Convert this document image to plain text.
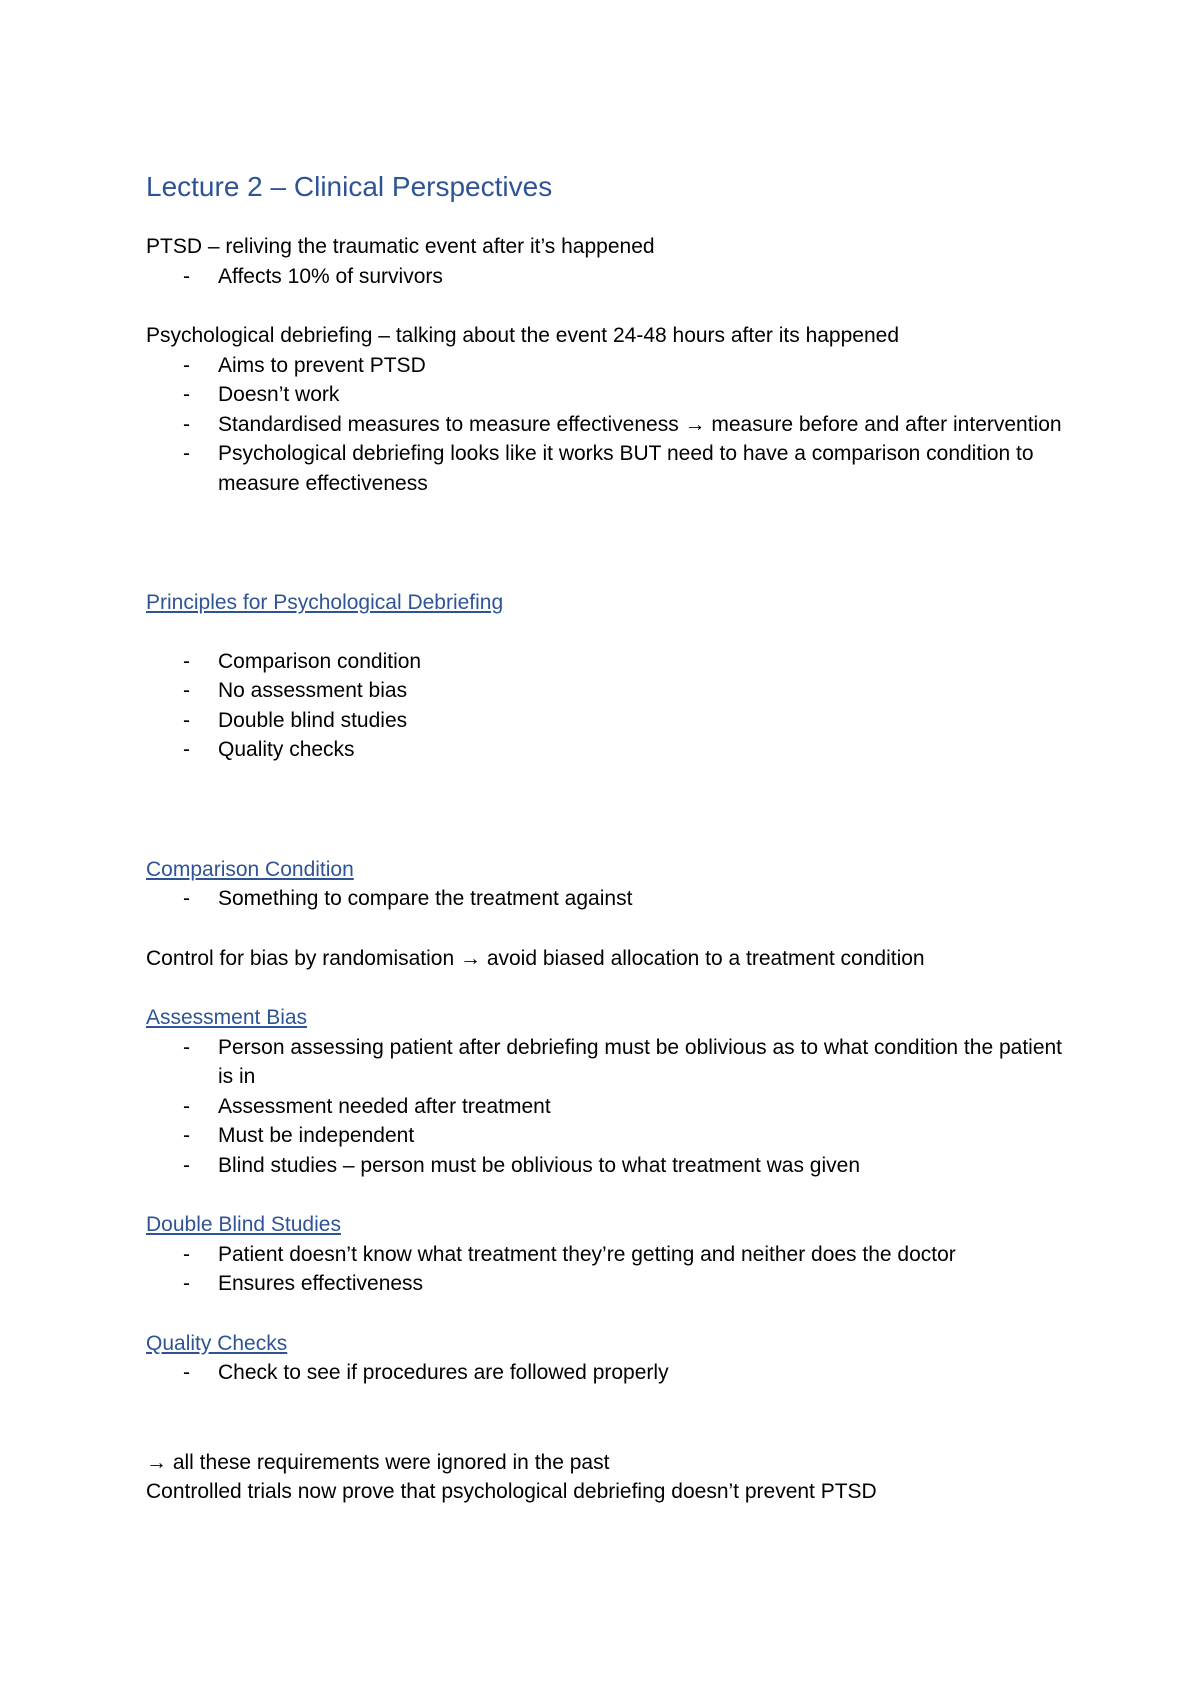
Lecture 2 – Clinical Perspectives

PTSD – reliving the traumatic event after it’s happened

- Affects 10% of survivors

Psychological debriefing – talking about the event 24-48 hours after its happened

- Aims to prevent PTSD
- Doesn’t work
- Standardised measures to measure effectiveness → measure before and after intervention
- Psychological debriefing looks like it works BUT need to have a comparison condition to measure effectiveness

Principles for Psychological Debriefing

- Comparison condition
- No assessment bias
- Double blind studies
- Quality checks

Comparison Condition

- Something to compare the treatment against

Control for bias by randomisation → avoid biased allocation to a treatment condition

Assessment Bias

- Person assessing patient after debriefing must be oblivious as to what condition the patient is in
- Assessment needed after treatment
- Must be independent
- Blind studies – person must be oblivious to what treatment was given

Double Blind Studies

- Patient doesn’t know what treatment they’re getting and neither does the doctor
- Ensures effectiveness

Quality Checks

- Check to see if procedures are followed properly

→ all these requirements were ignored in the past

Controlled trials now prove that psychological debriefing doesn’t prevent PTSD
